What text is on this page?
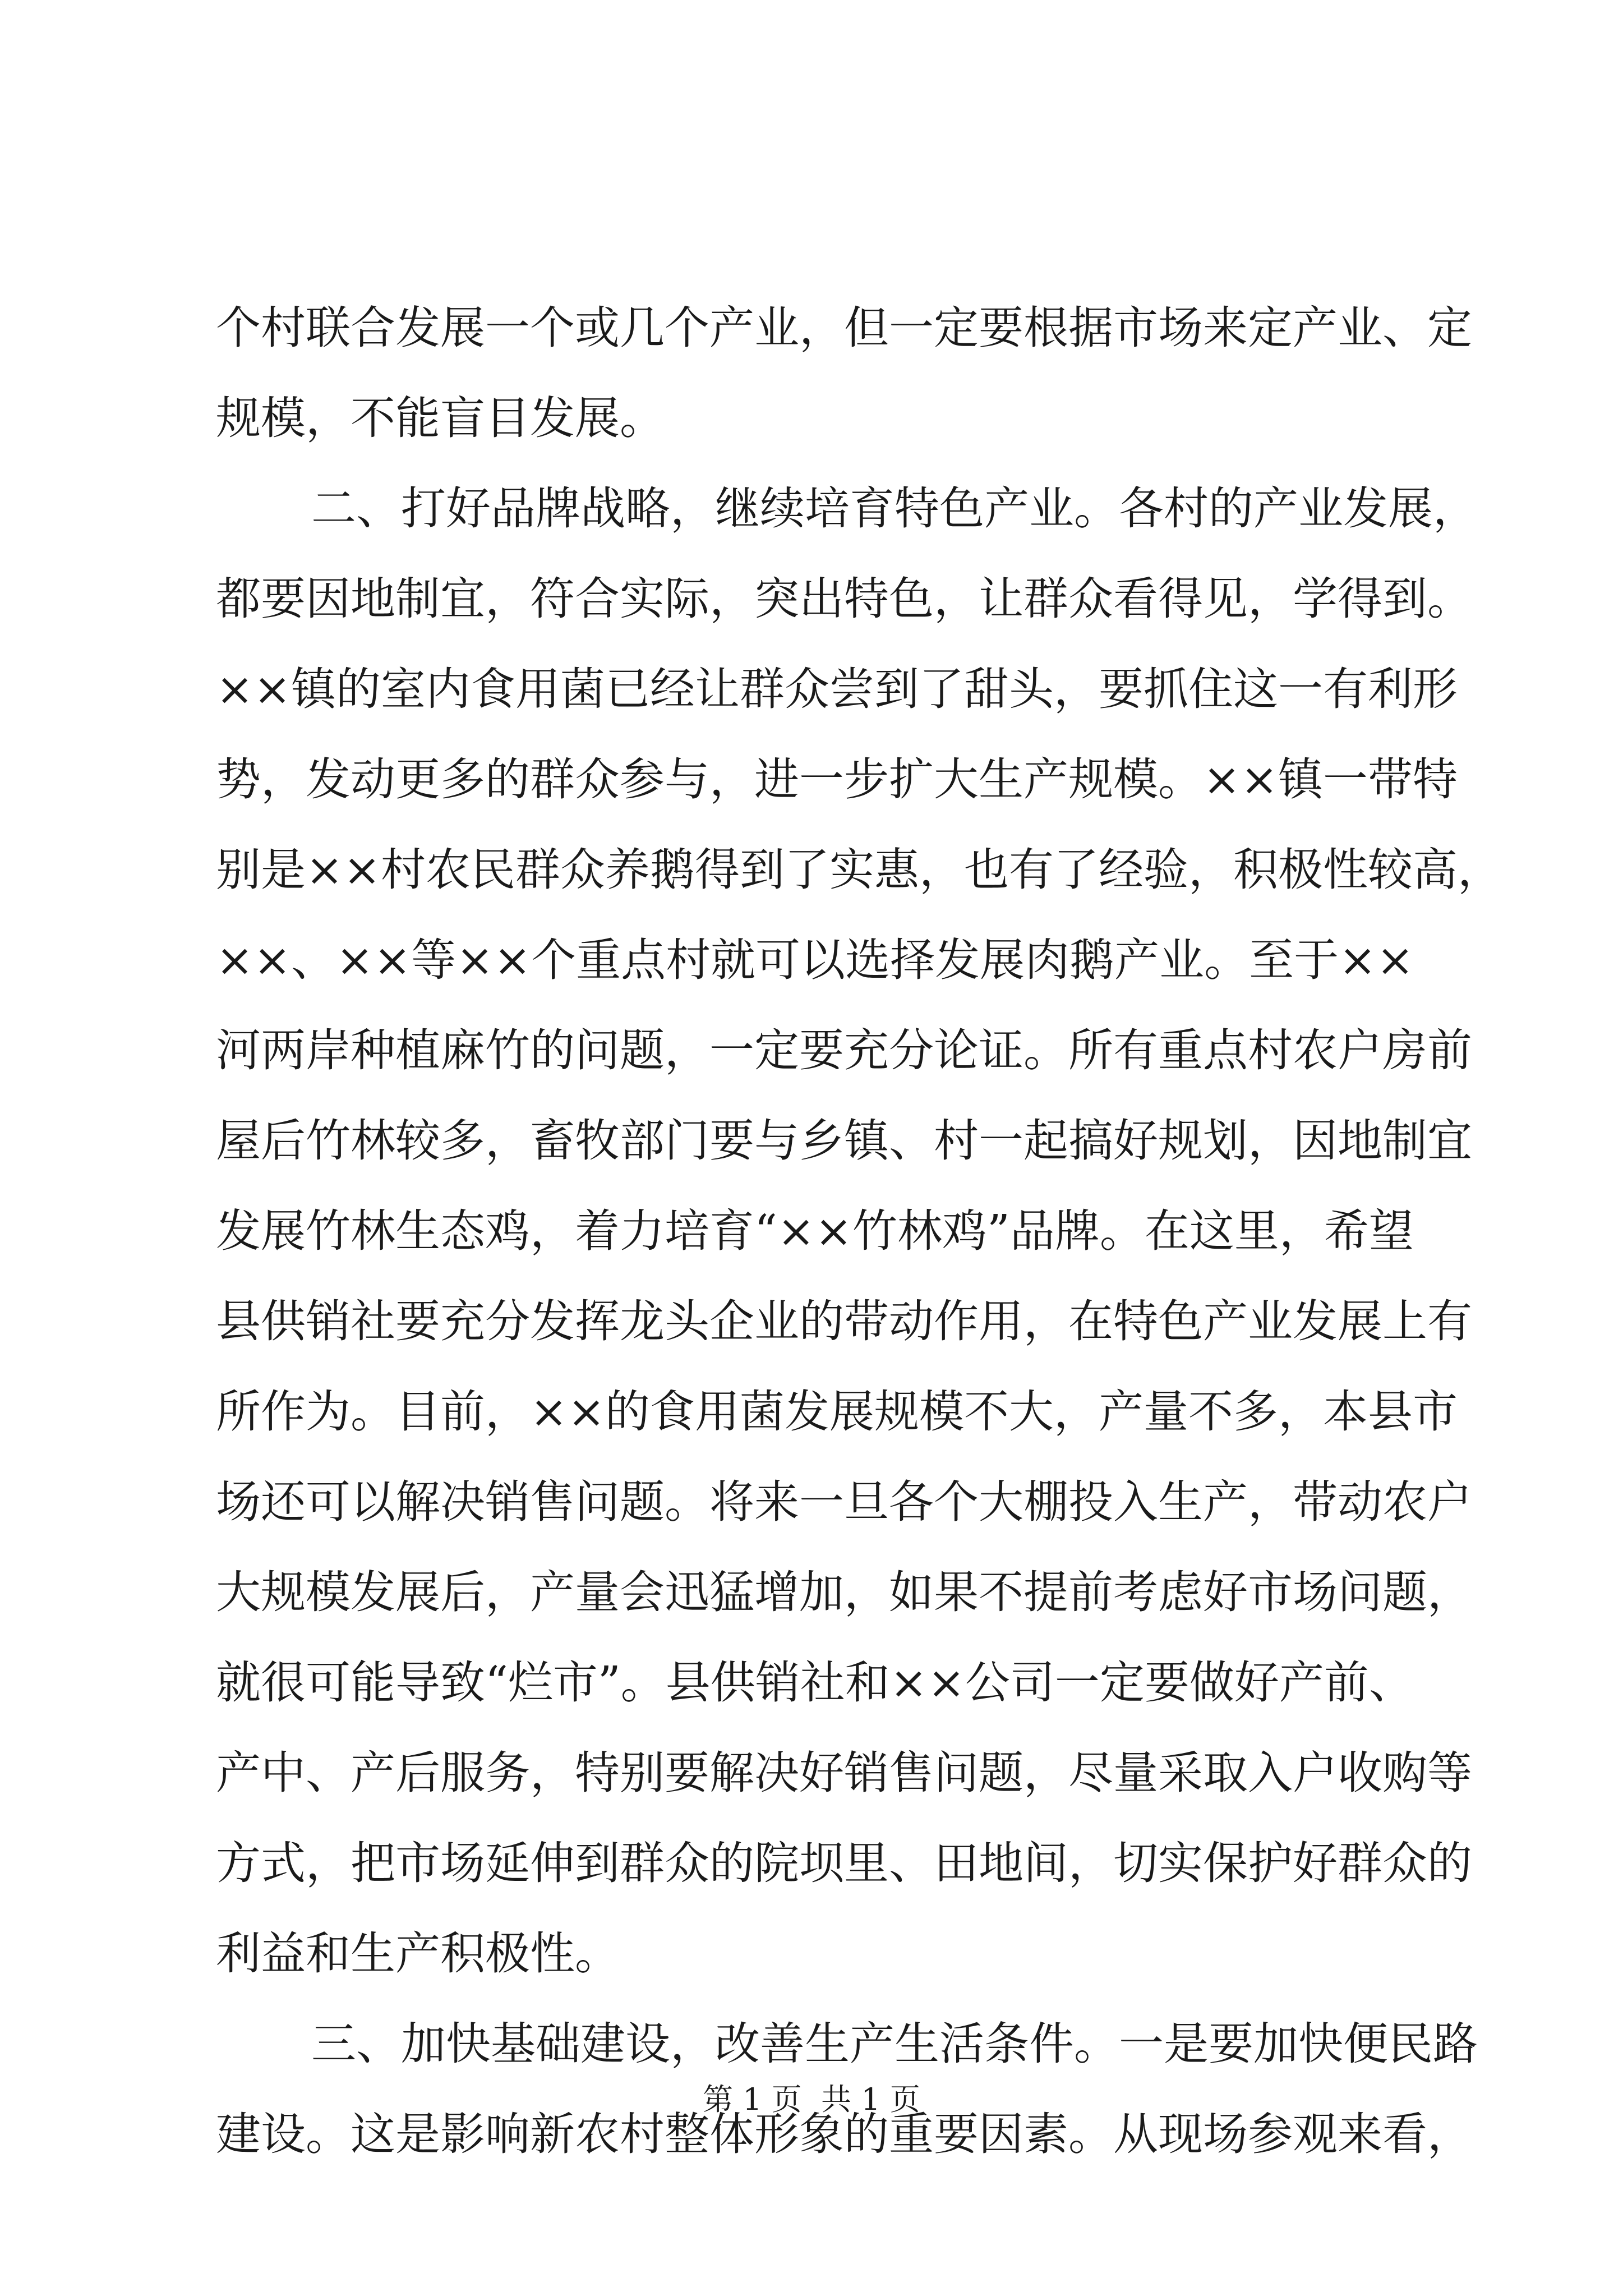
个村联合发展一个或几个产业，但一定要根据市场来定产业、定

规模，不能盲目发展。

二、打好品牌战略，继续培育特色产业。各村的产业发展，

都要因地制宜，符合实际，突出特色，让群众看得见，学得到。

××镇的室内食用菌已经让群众尝到了甜头，要抓住这一有利形

势，发动更多的群众参与，进一步扩大生产规模。××镇一带特

别是××村农民群众养鹅得到了实惠，也有了经验，积极性较高，

××、××等××个重点村就可以选择发展肉鹅产业。至于××

河两岸种植麻竹的问题，一定要充分论证。所有重点村农户房前

屋后竹林较多，畜牧部门要与乡镇、村一起搞好规划，因地制宜

发展竹林生态鸡，着力培育“××竹林鸡”品牌。在这里，希望

县供销社要充分发挥龙头企业的带动作用，在特色产业发展上有

所作为。目前，××的食用菌发展规模不大，产量不多，本县市

场还可以解决销售问题。将来一旦各个大棚投入生产，带动农户

大规模发展后，产量会迅猛增加，如果不提前考虑好市场问题，

就很可能导致“烂市”。县供销社和××公司一定要做好产前、

产中、产后服务，特别要解决好销售问题，尽量采取入户收购等

方式，把市场延伸到群众的院坝里、田地间，切实保护好群众的

利益和生产积极性。

三、加快基础建设，改善生产生活条件。一是要加快便民路

建设。这是影响新农村整体形象的重要因素。从现场参观来看，

第 1 页  共 1 页
